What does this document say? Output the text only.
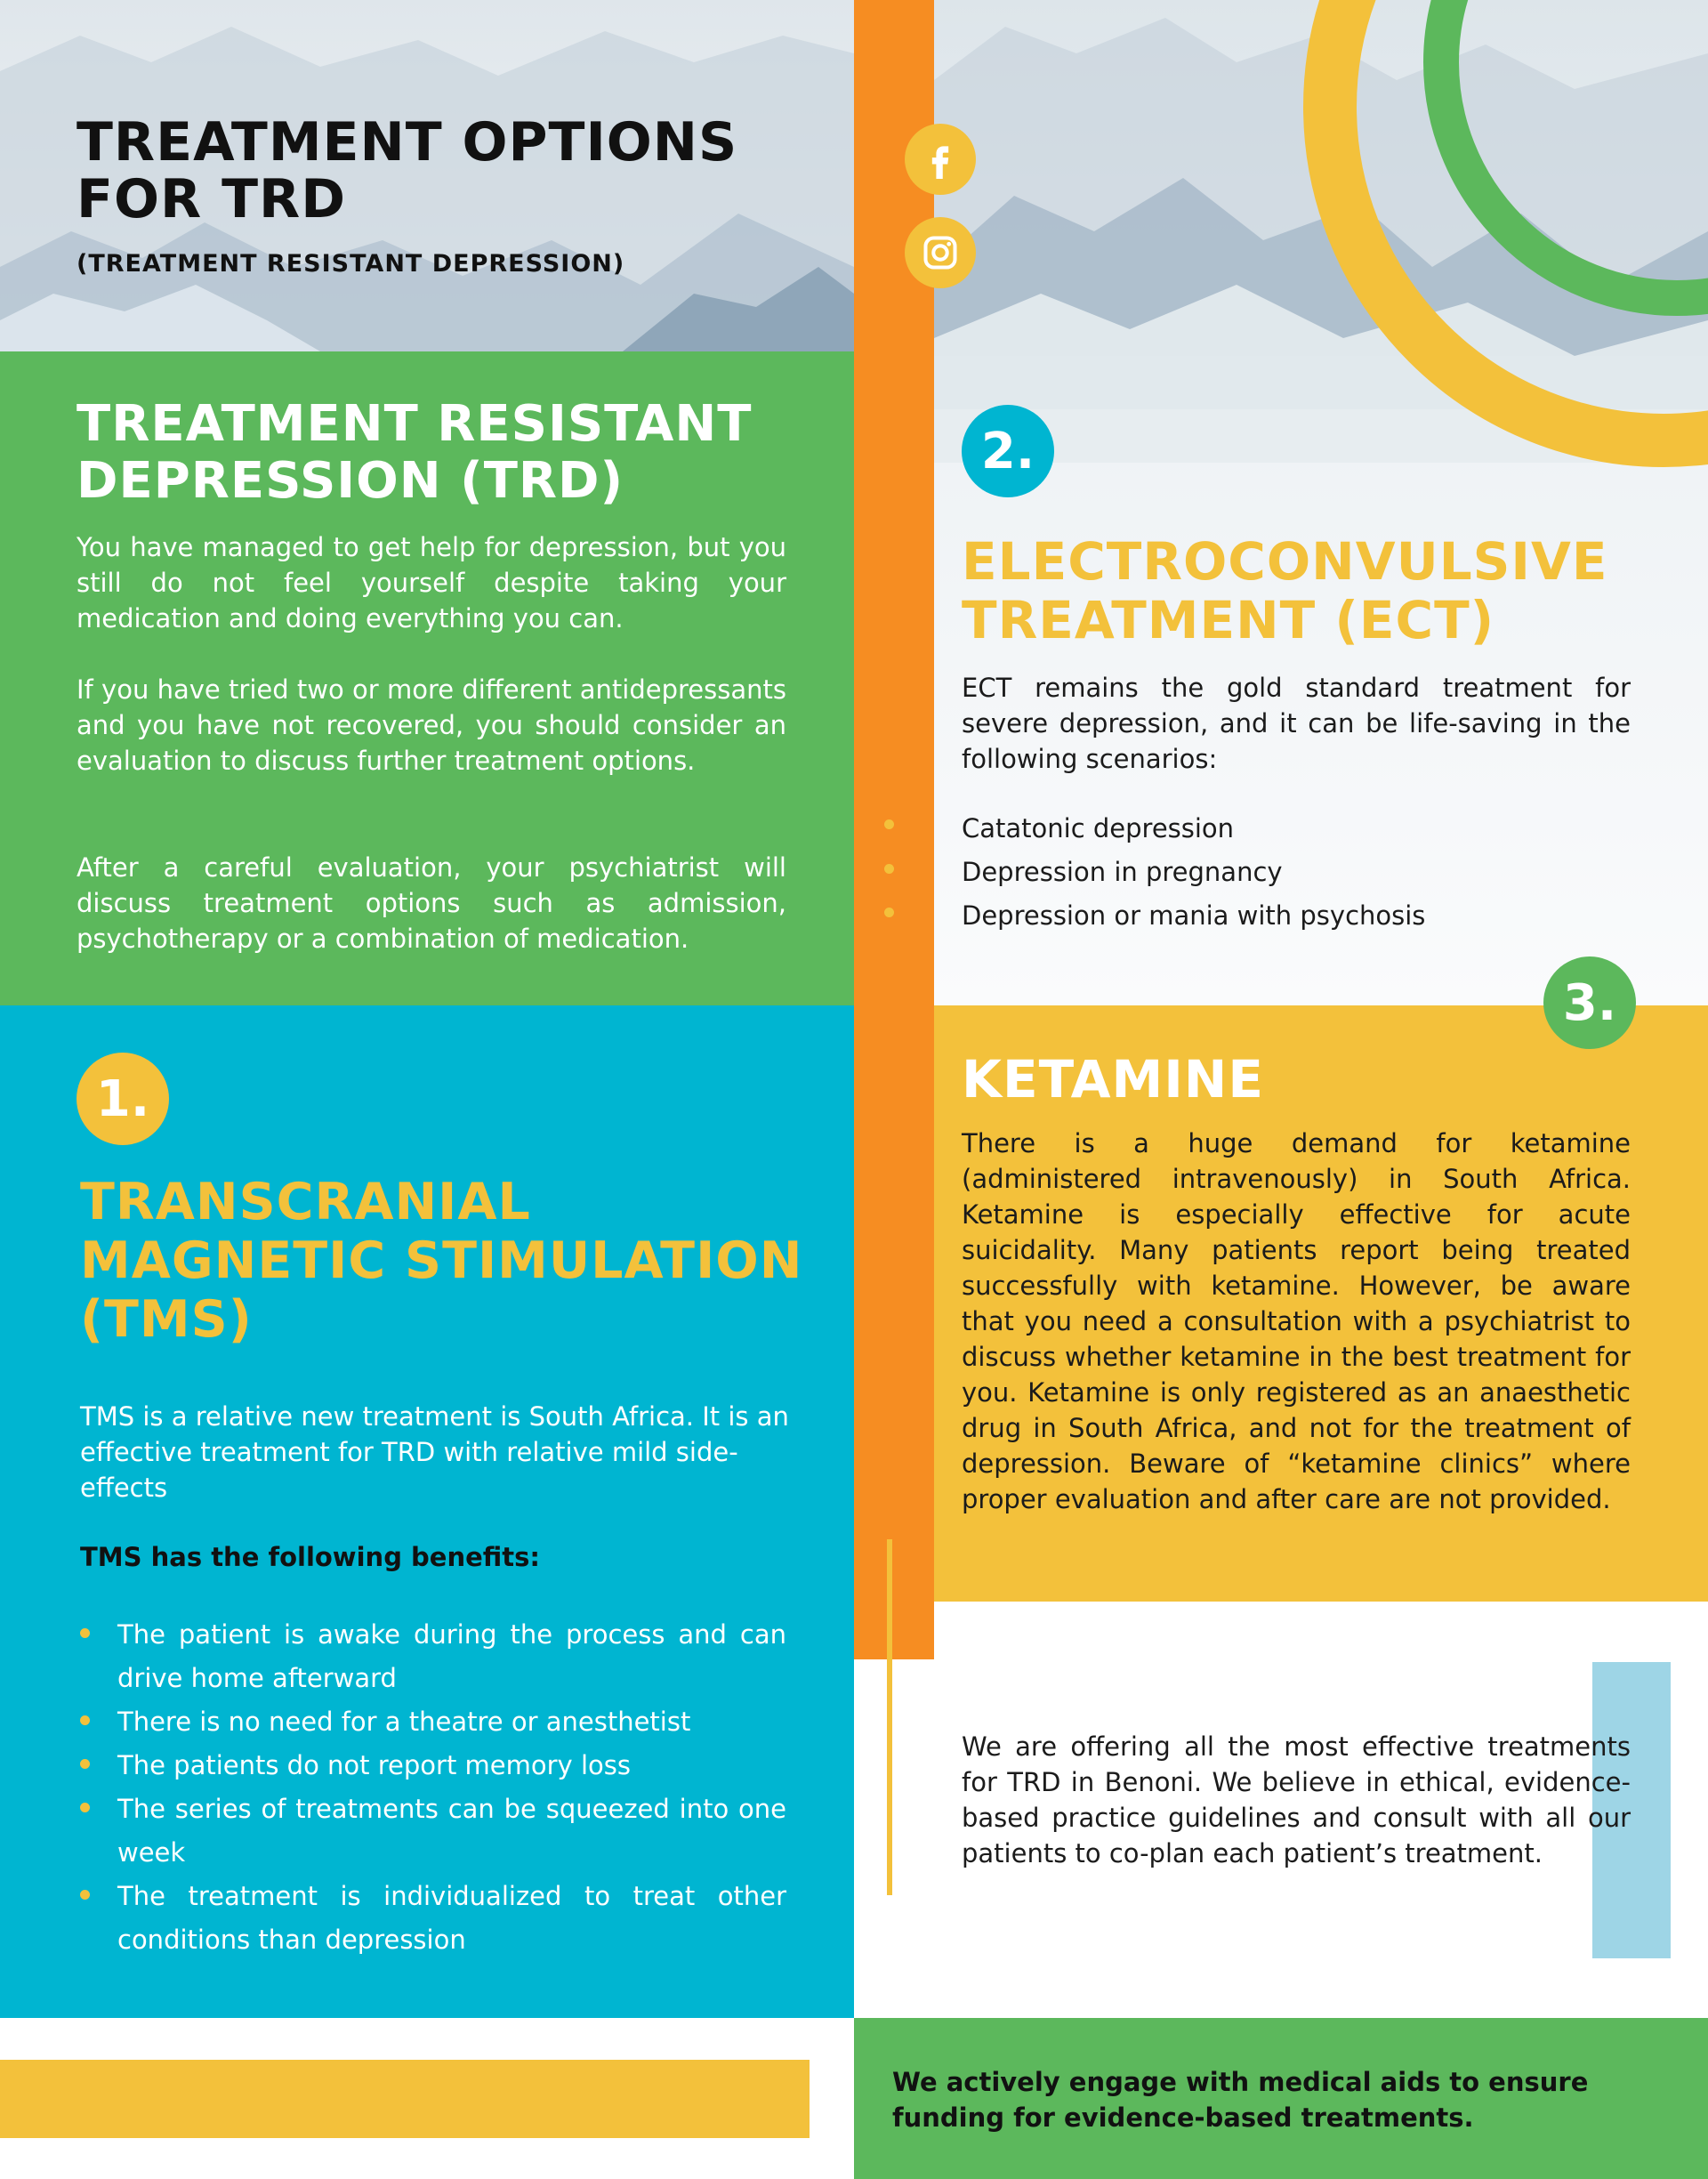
TREATMENT OPTIONS
FOR TRD
(TREATMENT RESISTANT DEPRESSION)
TREATMENT RESISTANT
DEPRESSION (TRD)
You have managed to get help for depression, but you still do not feel yourself despite taking your medication and doing everything you can.
If you have tried two or more different antidepressants and you have not recovered, you should consider an evaluation to discuss further treatment options.
After a careful evaluation, your psychiatrist will discuss treatment options such as admission, psychotherapy or a combination of medication.
1.
TRANSCRANIAL
MAGNETIC STIMULATION
(TMS)
TMS is a relative new treatment is South Africa. It is an effective treatment for TRD with relative mild side-effects
TMS has the following benefits:
The patient is awake during the process and can drive home afterward
There is no need for a theatre or anesthetist
The patients do not report memory loss
The series of treatments can be squeezed into one week
The treatment is individualized to treat other conditions than depression
2.
ELECTROCONVULSIVE
TREATMENT (ECT)
ECT remains the gold standard treatment for severe depression, and it can be life-saving in the following scenarios:
Catatonic depression
Depression in pregnancy
Depression or mania with psychosis
3.
KETAMINE
There is a huge demand for ketamine (administered intravenously) in South Africa. Ketamine is especially effective for acute suicidality. Many patients report being treated successfully with ketamine. However, be aware that you need a consultation with a psychiatrist to discuss whether ketamine in the best treatment for you. Ketamine is only registered as an anaesthetic drug in South Africa, and not for the treatment of depression. Beware of “ketamine clinics” where proper evaluation and after care are not provided.
We are offering all the most effective treatments for TRD in Benoni. We believe in ethical, evidence-based practice guidelines and consult with all our patients to co-plan each patient’s treatment.
We actively engage with medical aids to ensure funding for evidence-based treatments.
